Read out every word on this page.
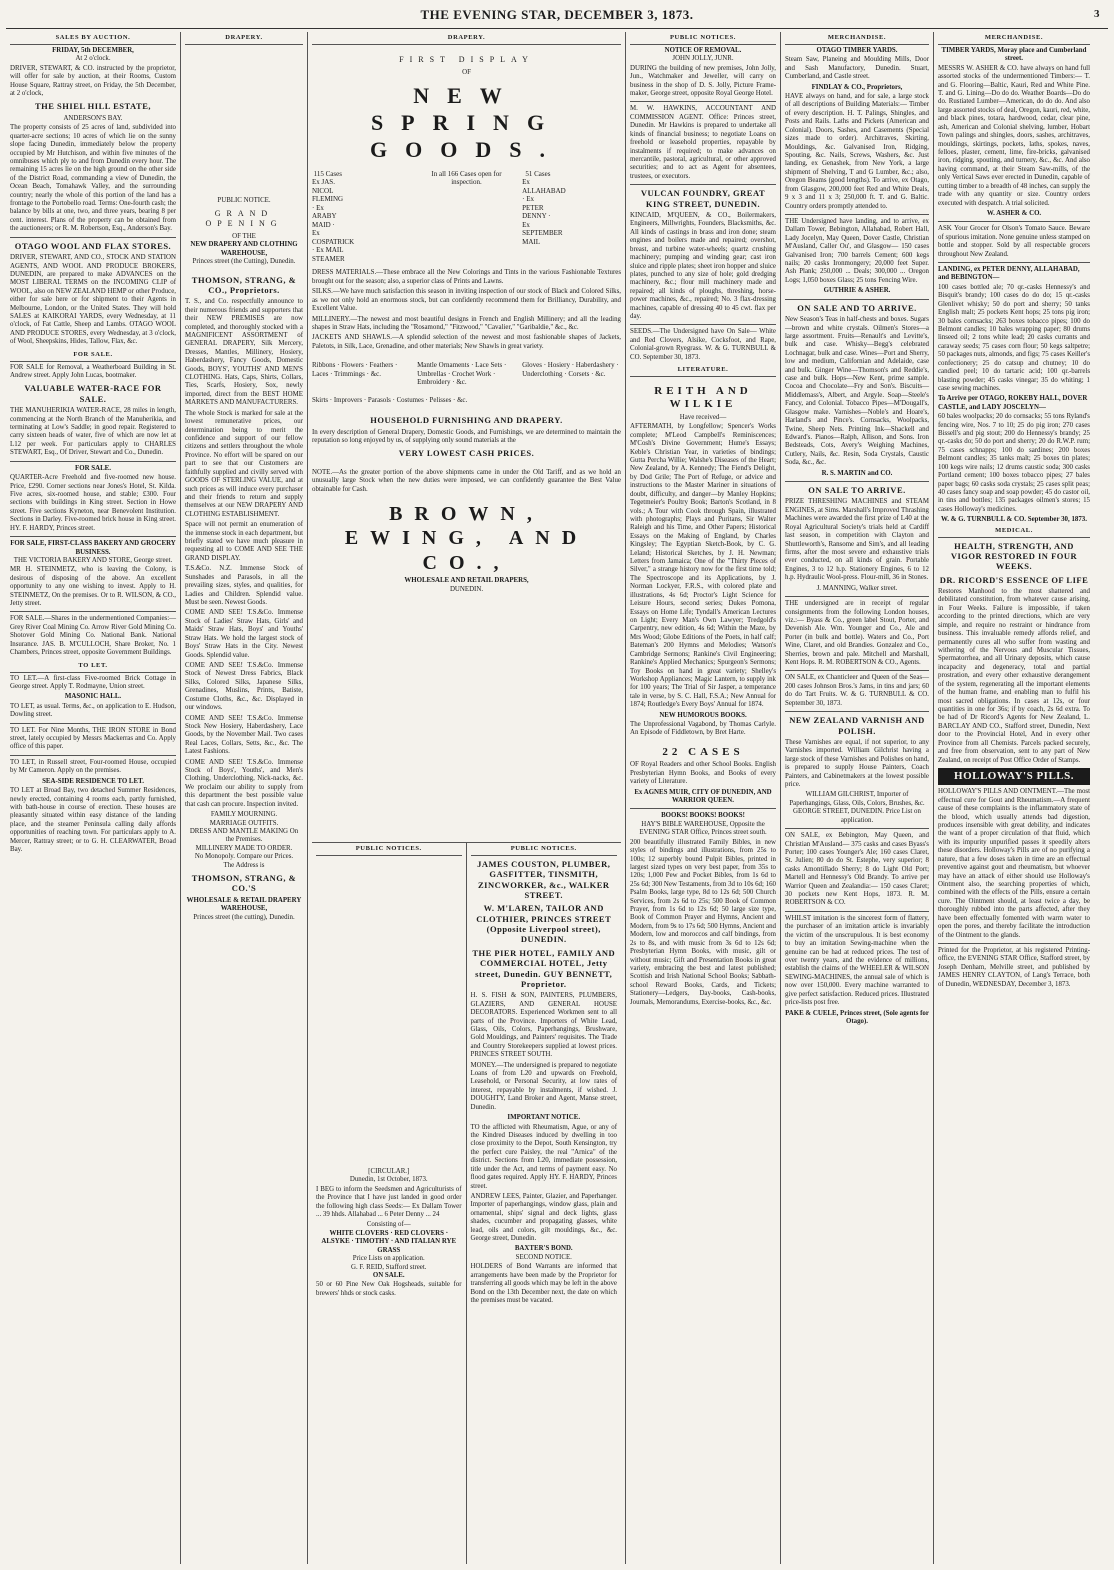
THE EVENING STAR, DECEMBER 3, 1873.	3
SALES BY AUCTION.
FRIDAY, 5th DECEMBER,
At 2 o'clock.

DRIVER, STEWART, & CO. instructed by the proprietor, will offer for sale by auction, at their Rooms, Custom House Square, Rattray street, on Friday, the 5th December, at 2 o'clock,

THE SHIEL HILL ESTATE,
ANDERSON'S BAY.

The property consists of 25 acres of land, subdivided into quarter-acre sections; 10 acres of which lie on the sunny slope facing Dunedin, immediately below the property occupied by Mr Hutchison, and within five minutes of the omnibuses which ply to and from Dunedin every hour. The remaining 15 acres lie on the high ground on the other side of the District Road, commanding a view of Dunedin, the Ocean Beach, Tomahawk Valley, and the surrounding country; nearly the whole of this portion of the land has a frontage to the Portobello road. Terms: One-fourth cash; the balance by bills at one, two, and three years, bearing 8 per cent. interest. Plans of the property can be obtained from the auctioneers; or R. M. Robertson, Esq., Anderson's Bay.

OTAGO WOOL AND FLAX STORES.

DRIVER, STEWART, AND CO., STOCK AND STATION AGENTS, AND WOOL AND PRODUCE BROKERS, DUNEDIN, are prepared to make ADVANCES on the MOST LIBERAL TERMS on the INCOMING CLIP of WOOL, also on NEW ZEALAND HEMP or other Produce, either for sale here or for shipment to their Agents in Melbourne, London, or the United States. They will hold SALES at KAIKORAI YARDS, every Wednesday, at 11 o'clock, of Fat Cattle, Sheep and Lambs. OTAGO WOOL AND PRODUCE STORES, every Wednesday, at 3 o'clock, of Wool, Sheepskins, Hides, Tallow, Flax, &c.

FOR SALE.

FOR SALE for Removal, a Weatherboard Building in St. Andrew street. Apply John Lucas, bootmaker.

VALUABLE WATER-RACE FOR SALE.

THE MANUHERIKIA WATER-RACE, 28 miles in length, commencing at the North Branch of the Manuherikia, and terminating at Low's Saddle; in good repair. Registered to carry sixteen heads of water, five of which are now let at L12 per week. For particulars apply to CHARLES STEWART, Esq., Of Driver, Stewart and Co., Dunedin.

FOR SALE.

QUARTER-Acre Freehold and five-roomed new house. Price, £290. Corner sections near Jones's Hotel, St. Kilda. Five acres, six-roomed house, and stable; £300. Four sections with buildings in King street. Section in Howe street. Five sections Kyneton, near Benevolent Institution. Sections in Darley. Five-roomed brick house in King street. HY. F. HARDY, Princes street.

FOR SALE, FIRST-CLASS BAKERY AND GROCERY BUSINESS.
THE VICTORIA BAKERY AND STORE, George street.

MR H. STEINMETZ, who is leaving the Colony, is desirous of disposing of the above. An excellent opportunity to any one wishing to invest. Apply to H. STEINMETZ, On the premises. Or to R. WILSON, & CO., Jetty street.

FOR SALE.—Shares in the undermentioned Companies:— Grey River Coal Mining Co. Arrow River Gold Mining Co. Shotover Gold Mining Co. National Bank. National Insurance. JAS. B. M'CULLOCH, Share Broker, No. 1 Chambers, Princes street, opposite Government Buildings.

TO LET.

TO LET.—A first-class Five-roomed Brick Cottage in George street. Apply T. Rodmayne, Union street.

MASONIC HALL.

TO LET, as usual. Terms, &c., on application to E. Hudson, Dowling street.

TO LET. For Nine Months, THE IRON STORE in Bond street, lately occupied by Messrs Mackerras and Co. Apply office of this paper.

TO LET, in Russell street, Four-roomed House, occupied by Mr Cameron. Apply on the premises.

SEA-SIDE RESIDENCE TO LET.

TO LET at Broad Bay, two detached Summer Residences, newly erected, containing 4 rooms each, partly furnished, with bath-house in course of erection. These houses are pleasantly situated within easy distance of the landing place, and the steamer Peninsula calling daily affords opportunities of reaching town. For particulars apply to A. Mercer, Rattray street; or to G. H. CLEARWATER, Broad Bay.

DRAPERY.
PUBLIC NOTICE.
GRAND OPENING
OF THE
NEW DRAPERY AND CLOTHING WAREHOUSE,
Princes street (the Cutting), Dunedin.
THOMSON, STRANG, & CO., Proprietors.

T. S., and Co. respectfully announce to their numerous friends and supporters that their NEW PREMISES are now completed, and thoroughly stocked with a MAGNIFICENT ASSORTMENT of GENERAL DRAPERY, Silk Mercery, Dresses, Mantles, Millinery, Hosiery, Haberdashery, Fancy Goods, Domestic Goods, BOYS', YOUTHS' AND MEN'S CLOTHING. Hats, Caps, Shirts, Collars, Ties, Scarfs, Hosiery, Sox, newly imported, direct from the BEST HOME MARKETS AND MANUFACTURERS.

The whole Stock is marked for sale at the lowest remunerative prices, our determination being to merit the confidence and support of our fellow citizens and settlers throughout the whole Province. No effort will be spared on our part to see that our Customers are faithfully supplied and civilly served with GOODS OF STERLING VALUE, and at such prices as will induce every purchaser and their friends to return and supply themselves at our NEW DRAPERY AND CLOTHING ESTABLISHMENT.

Space will not permit an enumeration of the immense stock in each department, but briefly stated we have much pleasure in requesting all to COME AND SEE THE GRAND DISPLAY.

T.S.&Co. N.Z. Immense Stock of Sunshades and Parasols, in all the prevailing sizes, styles, and qualities, for Ladies and Children. Splendid value. Must be seen. Newest Goods.

COME AND SEE! T.S.&Co. Immense Stock of Ladies' Straw Hats, Girls' and Maids' Straw Hats, Boys' and Youths' Straw Hats. We hold the largest stock of Boys' Straw Hats in the City. Newest Goods. Splendid value.

COME AND SEE! T.S.&Co. Immense Stock of Newest Dress Fabrics, Black Silks, Colored Silks, Japanese Silks, Grenadines, Muslins, Prints, Batiste, Costume Cloths, &c., &c. Displayed in our windows.

COME AND SEE! T.S.&Co. Immense Stock New Hosiery, Haberdashery, Lace Goods, by the November Mail. Two cases Real Laces, Collars, Setts, &c., &c. The Latest Fashions.

COME AND SEE! T.S.&Co. Immense Stock of Boys', Youths', and Men's Clothing, Underclothing, Nick-nacks, &c. We proclaim our ability to supply from this department the best possible value that cash can procure. Inspection invited.

FAMILY MOURNING.
MARRIAGE OUTFITS.
DRESS AND MANTLE MAKING On the Premises.
MILLINERY MADE TO ORDER.
No Monopoly. Compare our Prices.
The Address is
THOMSON, STRANG, & CO.'S
WHOLESALE & RETAIL DRAPERY WAREHOUSE,
Princes street (the cutting), Dunedin.
DRAPERY.
FIRST DISPLAY
OF
NEW SPRING GOODS.
115 Cases
Ex JAS. NICOL FLEMING · Ex ARABY MAID · Ex COSPATRICK · Ex MAIL STEAMER
In all 166 Cases open for inspection.
51 Cases
Ex ALLAHABAD · Ex PETER DENNY · Ex SEPTEMBER MAIL

DRESS MATERIALS.—These embrace all the New Colorings and Tints in the various Fashionable Textures brought out for the season; also, a superior class of Prints and Lawns.

SILKS.—We have much satisfaction this season in inviting inspection of our stock of Black and Colored Silks, as we not only hold an enormous stock, but can confidently recommend them for Brilliancy, Durability, and Excellent Value.

MILLINERY.—The newest and most beautiful designs in French and English Millinery; and all the leading shapes in Straw Hats, including the "Rosamond," "Fitzwood," "Cavalier," "Garibaldie," &c., &c.

JACKETS AND SHAWLS.—A splendid selection of the newest and most fashionable shapes of Jackets, Paletots, in Silk, Lace, Grenadine, and other materials; New Shawls in great variety.

Ribbons · Flowers · Feathers · Laces · Trimmings · &c.
Mantle Ornaments · Lace Sets · Umbrellas · Crochet Work · Embroidery · &c.
Gloves · Hosiery · Haberdashery · Underclothing · Corsets · &c.
Skirts · Improvers · Parasols · Costumes · Pelisses · &c.
HOUSEHOLD FURNISHING AND DRAPERY.

In every description of General Drapery, Domestic Goods, and Furnishings, we are determined to maintain the reputation so long enjoyed by us, of supplying only sound materials at the

VERY LOWEST CASH PRICES.

NOTE.—As the greater portion of the above shipments came in under the Old Tariff, and as we hold an unusually large Stock when the new duties were imposed, we can confidently guarantee the Best Value obtainable for Cash.

BROWN, EWING, AND CO.,
WHOLESALE AND RETAIL DRAPERS,
DUNEDIN.
PUBLIC NOTICES.
[CIRCULAR.]
Dunedin, 1st October, 1873.

I BEG to inform the Seedsmen and Agriculturists of the Province that I have just landed in good order the following high class Seeds:— Ex Dallam Tower ... 39 hhds. Allahabad ... 6 Peter Denny ... 24

Consisting of—
WHITE CLOVERS · RED CLOVERS · ALSYKE · TIMOTHY · AND ITALIAN RYE GRASS
Price Lists on application.
G. F. REID, Stafford street.
ON SALE.

50 or 60 Pine New Oak Hogsheads, suitable for brewers' hhds or stock casks.

PUBLIC NOTICES.

JAMES COUSTON, PLUMBER, GASFITTER, TINSMITH, ZINCWORKER, &c., WALKER STREET.

W. M'LAREN, TAILOR AND CLOTHIER, PRINCES STREET (Opposite Liverpool street), DUNEDIN.

THE PIER HOTEL, FAMILY AND COMMERCIAL HOTEL, Jetty street, Dunedin. GUY BENNETT, Proprietor.

H. S. FISH & SON, PAINTERS, PLUMBERS, GLAZIERS, AND GENERAL HOUSE DECORATORS. Experienced Workmen sent to all parts of the Province. Importers of White Lead, Glass, Oils, Colors, Paperhangings, Brushware, Gold Mouldings, and Painters' requisites. The Trade and Country Storekeepers supplied at lowest prices. PRINCES STREET SOUTH.

MONEY.—The undersigned is prepared to negotiate Loans of from L20 and upwards on Freehold, Leasehold, or Personal Security, at low rates of interest, repayable by instalments, if wished. J. DOUGHTY, Land Broker and Agent, Manse street, Dunedin.

IMPORTANT NOTICE.

TO the afflicted with Rheumatism, Ague, or any of the Kindred Diseases induced by dwelling in too close proximity to the Depot, South Kensington, try the perfect cure Paisley, the real "Arnica" of the district. Sections from L20, immediate possession, title under the Act, and terms of payment easy. No flood gates required. Apply HY. F. HARDY, Princes street.

ANDREW LEES, Painter, Glazier, and Paperhanger. Importer of paperhangings, window glass, plain and ornamental, ships' signal and deck lights, glass shades, cucumber and propagating glasses, white lead, oils and colors, gilt mouldings, &c., &c. George street, Dunedin.

BAXTER'S BOND.
SECOND NOTICE.

HOLDERS of Bond Warrants are informed that arrangements have been made by the Proprietor for transferring all goods which may be left in the above Bond on the 13th December next, the date on which the premises must be vacated.

PUBLIC NOTICES.
NOTICE OF REMOVAL.
JOHN JOLLY, JUNR.

DURING the building of new premises, John Jolly, Jun., Watchmaker and Jeweller, will carry on business in the shop of D. S. Jolly, Picture Frame-maker, George street, opposite Royal George Hotel.

M. W. HAWKINS, ACCOUNTANT AND COMMISSION AGENT. Office: Princes street, Dunedin. Mr Hawkins is prepared to undertake all kinds of financial business; to negotiate Loans on freehold or leasehold properties, repayable by instalments if required; to make advances on mercantile, pastoral, agricultural, or other approved securities; and to act as Agent for absentees, trustees, or executors.

VULCAN FOUNDRY, GREAT KING STREET, DUNEDIN.

KINCAID, M'QUEEN, & CO., Boilermakers, Engineers, Millwrights, Founders, Blacksmiths, &c. All kinds of castings in brass and iron done; steam engines and boilers made and repaired; overshot, breast, and turbine water-wheels; quartz crushing machinery; pumping and winding gear; cast iron sluice and ripple plates; sheet iron hopper and sluice plates, punched to any size of hole; gold dredging machinery, &c.; flour mill machinery made and repaired; all kinds of ploughs, threshing, horse-power machines, &c., repaired; No. 3 flax-dressing machines, capable of dressing 40 to 45 cwt. flax per day.

SEEDS.—The Undersigned have On Sale— White and Red Clovers, Alsike, Cocksfoot, and Rape, Colonial-grown Ryegrass. W. & G. TURNBULL & CO. September 30, 1873.

LITERATURE.
REITH AND WILKIE
Have received—

AFTERMATH, by Longfellow; Spencer's Works complete; M'Leod Campbell's Reminiscences; M'Cosh's Divine Government; Hume's Essays; Keble's Christian Year, in varieties of bindings; Gutta Percha Willie; Walshe's Diseases of the Heart; New Zealand, by A. Kennedy; The Fiend's Delight, by Dod Grile; The Port of Refuge, or advice and instructions to the Master Mariner in situations of doubt, difficulty, and danger—by Manley Hopkins; Tegetmeier's Poultry Book; Barton's Scotland, in 8 vols.; A Tour with Cook through Spain, illustrated with photographs; Plays and Puritans, Sir Walter Raleigh and his Time, and Other Papers; Historical Essays on the Making of England, by Charles Kingsley; The Egyptian Sketch-Book, by C. G. Leland; Historical Sketches, by J. H. Newman; Letters from Jamaica; One of the "Thirty Pieces of Silver," a strange history now for the first time told; The Spectroscope and its Applications, by J. Norman Lockyer, F.R.S., with colored plate and illustrations, 4s 6d; Proctor's Light Science for Leisure Hours, second series; Dukes Pomona, Essays on Home Life; Tyndall's American Lectures on Light; Every Man's Own Lawyer; Tredgold's Carpentry, new edition, 4s 6d; Within the Maze, by Mrs Wood; Globe Editions of the Poets, in half calf; Bateman's 200 Hymns and Melodies; Watson's Cambridge Sermons; Rankine's Civil Engineering; Rankine's Applied Mechanics; Spurgeon's Sermons; Toy Books on hand in great variety; Shelley's Workshop Appliances; Magic Lantern, to supply ink for 100 years; The Trial of Sir Jasper, a temperance tale in verse, by S. C. Hall, F.S.A.; New Annual for 1874; Routledge's Every Boys' Annual for 1874.

NEW HUMOROUS BOOKS.

The Unprofessional Vagabond, by Thomas Carlyle. An Episode of Fiddletown, by Bret Harte.

22 CASES

OF Royal Readers and other School Books. English Presbyterian Hymn Books, and Books of every variety of Literature.

Ex AGNES MUIR, CITY OF DUNEDIN, AND WARRIOR QUEEN.
BOOKS! BOOKS! BOOKS!
HAY'S BIBLE WAREHOUSE, Opposite the EVENING STAR Office, Princes street south.

200 beautifully illustrated Family Bibles, in new styles of bindings and illustrations, from 25s to 100s; 12 superbly bound Pulpit Bibles, printed in largest sized types on very best paper, from 35s to 120s; 1,000 Pew and Pocket Bibles, from 1s 6d to 25s 6d; 300 New Testaments, from 3d to 10s 6d; 160 Psalm Books, large type, 8d to 12s 6d; 500 Church Services, from 2s 6d to 25s; 500 Book of Common Prayer, from 1s 6d to 12s 6d; 50 large size type, Book of Common Prayer and Hymns, Ancient and Modern, from 9s to 17s 6d; 500 Hymns, Ancient and Modern, low and moroccos and calf bindings, from 2s to 8s, and with music from 3s 6d to 12s 6d; Presbyterian Hymn Books, with music, gilt or without music; Gift and Presentation Books in great variety, embracing the best and latest published; Scottish and Irish National School Books; Sabbath-school Reward Books, Cards, and Tickets; Stationery—Ledgers, Day-books, Cash-books, Journals, Memorandums, Exercise-books, &c., &c.

MERCHANDISE.
OTAGO TIMBER YARDS.

Steam Saw, Planeing and Moulding Mills, Door and Sash Manufactory, Dunedin. Stuart, Cumberland, and Castle street.

FINDLAY & CO., Proprietors,

HAVE always on hand, and for sale, a large stock of all descriptions of Building Materials:— Timber of every description. H. T. Palings, Shingles, and Posts and Rails. Laths and Pickets (American and Colonial). Doors, Sashes, and Casements (Special sizes made to order). Architraves, Skirting, Mouldings, &c. Galvanised Iron, Ridging, Spouting, &c. Nails, Screws, Washers, &c. Just landing, ex Genashek, from New York, a large shipment of Shelving, T and G Lumber, &c.; also, Oregon Beams (good lengths). To arrive, ex Otago, from Glasgow, 200,000 feet Red and White Deals, 9 x 3 and 11 x 3; 250,000 ft. T. and G. Baltic. Country orders promptly attended to.

THE Undersigned have landing, and to arrive, ex Dallam Tower, Bebington, Allahabad, Robert Hall, Lady Jocelyn, May Queen, Dover Castle, Christian M'Ausland, Caller Ou', and Glasgow— 150 cases Galvanised Iron; 700 barrels Cement; 600 kegs nails; 20 casks Ironmongery; 20,000 feet Super. Ash Plank; 250,000 ... Deals; 300,000 ... Oregon Logs; 1,050 boxes Glass; 25 tons Fencing Wire.

GUTHRIE & ASHER.
ON SALE AND TO ARRIVE.

New Season's Teas in half-chests and boxes. Sugars—brown and white crystals. Oilmen's Stores—a large assortment. Fruits—Renault's and Levitte's, bulk and case. Whisky—Begg's celebrated Lochnagar, bulk and case. Wines—Port and Sherry, low and medium, Californian and Adelaide, case and bulk. Ginger Wine—Thomson's and Reddie's, case and bulk. Hops—New Kent, prime sample. Cocoa and Chocolate—Fry and Son's. Biscuits—Middlemass's, Albert, and Argyle. Soap—Steele's Fancy, and Colonial. Tobacco Pipes—M'Dougall's, Glasgow make. Varnishes—Noble's and Hoare's, Harland's and Pince's. Cornsacks, Woolpacks, Twine, Sheep Nets. Printing Ink—Shackell and Edward's. Pianos—Ralph, Allison, and Sons. Iron Bedsteads, Cots, Avery's Weighing Machines, Cutlery, Nails, &c. Resin, Soda Crystals, Caustic Soda, &c., &c.

R. S. MARTIN and CO.
ON SALE TO ARRIVE.

PRIZE THRESHING MACHINES and STEAM ENGINES, at Sims. Marshall's Improved Thrashing Machines were awarded the first prize of L40 at the Royal Agricultural Society's trials held at Cardiff last season, in competition with Clayton and Shuttleworth's, Ransome and Sim's, and all leading firms, after the most severe and exhaustive trials ever conducted, on all kinds of grain. Portable Engines, 3 to 12 h.p. Stationery Engines, 6 to 12 h.p. Hydraulic Wool-press. Flour-mill, 36 in Stones.

J. MANNING, Walker street.

THE undersigned are in receipt of regular consignments from the following London houses, viz.:— Byass & Co., green label Stout, Porter, and Devenish Ale. Wm. Younger and Co., Ale and Porter (in bulk and bottle). Waters and Co., Port Wine, Claret, and old Brandies. Gonzalez and Co., Sherries, brown and pale. Mitchell and Marshall, Kent Hops. R. M. ROBERTSON & CO., Agents.

ON SALE, ex Chanticleer and Queen of the Seas— 200 cases Johnson Bros.'s Jams, in tins and jars; 60 do do Tart Fruits. W. & G. TURNBULL & CO. September 30, 1873.

NEW ZEALAND VARNISH AND POLISH.

These Varnishes are equal, if not superior, to any Varnishes imported. William Gilchrist having a large stock of these Varnishes and Polishes on hand, is prepared to supply House Painters, Coach Painters, and Cabinetmakers at the lowest possible price.

WILLIAM GILCHRIST, Importer of Paperhangings, Glass, Oils, Colors, Brushes, &c. GEORGE STREET, DUNEDIN. Price List on application.

ON SALE, ex Bebington, May Queen, and Christian M'Ausland— 375 casks and cases Byass's Porter; 100 cases Younger's Ale; 160 cases Claret, St. Julien; 80 do do St. Estephe, very superior; 8 casks Amontillado Sherry; 8 do Light Old Port; Martell and Hennessy's Old Brandy. To arrive per Warrior Queen and Zealandia:— 150 cases Claret; 30 pockets new Kent Hops, 1873. R. M. ROBERTSON & CO.

WHILST imitation is the sincerest form of flattery, the purchaser of an imitation article is invariably the victim of the unscrupulous. It is best economy to buy an imitation Sewing-machine when the genuine can be had at reduced prices. The test of over twenty years, and the evidence of millions, establish the claims of the WHEELER & WILSON SEWING-MACHINES, the annual sale of which is now over 150,000. Every machine warranted to give perfect satisfaction. Reduced prices. Illustrated price-lists post free.

PAKE & CUELE, Princes street, (Sole agents for Otago).
MERCHANDISE.
TIMBER YARDS, Moray place and Cumberland street.

MESSRS W. ASHER & CO. have always on hand full assorted stocks of the undermentioned Timbers:— T. and G. Flooring—Baltic, Kauri, Red and White Pine. T. and G. Lining—Do do do. Weather Boards—Do do do. Rustiated Lumber—American, do do do. And also large assorted stocks of deal, Oregon, kauri, red, white, and black pines, totara, hardwood, cedar, clear pine, ash, American and Colonial shelving, lumber, Hobart Town palings and shingles, doors, sashes, architraves, mouldings, skirtings, pockets, laths, spokes, naves, felloes, plaster, cement, lime, fire-bricks, galvanised iron, ridging, spouting, and turnery, &c., &c. And also having command, at their Steam Saw-mills, of the only Vertical Saws ever erected in Dunedin, capable of cutting timber to a breadth of 48 inches, can supply the trade with any quantity or size. Country orders executed with despatch. A trial solicited.

W. ASHER & CO.

ASK Your Grocer for Olson's Tomato Sauce. Beware of spurious imitation. None genuine unless stamped on bottle and stopper. Sold by all respectable grocers throughout New Zealand.

LANDING, ex PETER DENNY, ALLAHABAD, and BEBINGTON—

100 cases bottled ale; 70 qr.-casks Hennessy's and Bisquit's brandy; 100 cases do do do; 15 qr.-casks Glenlivet whisky; 50 do port and sherry; 50 tanks English malt; 25 pockets Kent hops; 25 tons pig iron; 30 bales cornsacks; 263 boxes tobacco pipes; 100 do Belmont candles; 10 bales wrapping paper; 80 drums linseed oil; 2 tons white lead; 20 casks currants and caraway seeds; 75 cases corn flour; 50 kegs saltpetre; 50 packages nuts, almonds, and figs; 75 cases Keiller's confectionery; 25 do catsup and chutney; 10 do candied peel; 10 do tartaric acid; 100 qr.-barrels blasting powder; 45 casks vinegar; 35 do whiting; 1 case sewing machines.

To Arrive per OTAGO, ROKEBY HALL, DOVER CASTLE, and LADY JOSCELYN—

60 bales woolpacks; 20 do cornsacks; 55 tons Ryland's fencing wire, Nos. 7 to 10; 25 do pig iron; 270 cases Bissell's and pig stout; 200 do Hennessy's brandy; 25 qr.-casks do; 50 do port and sherry; 20 do R.W.P. rum; 75 cases schnapps; 100 do sardines; 200 boxes Belmont candles; 35 tanks malt; 25 boxes tin plates; 100 kegs wire nails; 12 drums caustic soda; 300 casks Portland cement; 100 boxes tobacco pipes; 27 bales paper bags; 60 casks soda crystals; 25 cases split peas; 40 cases fancy soap and soap powder; 45 do castor oil, in tins and bottles; 135 packages oilmen's stores; 15 cases Holloway's medicines.

W. & G. TURNBULL & CO. September 30, 1873.
MEDICAL.
HEALTH, STRENGTH, AND VIGOR RESTORED IN FOUR WEEKS.
DR. RICORD'S ESSENCE OF LIFE

Restores Manhood to the most shattered and debilitated constitution, from whatever cause arising, in Four Weeks. Failure is impossible, if taken according to the printed directions, which are very simple, and require no restraint or hindrance from business. This invaluable remedy affords relief, and permanently cures all who suffer from wasting and withering of the Nervous and Muscular Tissues, Spermatorrhea, and all Urinary deposits, which cause incapacity and degeneracy, total and partial prostration, and every other exhaustive derangement of the system, regenerating all the important elements of the human frame, and enabling man to fulfil his most sacred obligations. In cases at 12s, or four quantities in one for 36s; if by coach, 2s 6d extra. To be had of Dr Ricord's Agents for New Zealand, L. BARCLAY AND CO., Stafford street, Dunedin, Next door to the Provincial Hotel, And in every other Province from all Chemists. Parcels packed securely, and free from observation, sent to any part of New Zealand, on receipt of Post Office Order of Stamps.

HOLLOWAY'S PILLS.

HOLLOWAY'S PILLS AND OINTMENT.—The most effectual cure for Gout and Rheumatism.—A frequent cause of these complaints is the inflammatory state of the blood, which usually attends bad digestion, produces insensible with great debility, and indicates the want of a proper circulation of that fluid, which with its impurity unpurified passes it speedily alters these disorders. Holloway's Pills are of no purifying a nature, that a few doses taken in time are an effectual preventive against gout and rheumatism, but whoever may have an attack of either should use Holloway's Ointment also, the searching properties of which, combined with the effects of the Pills, ensure a certain cure. The Ointment should, at least twice a day, be thoroughly rubbed into the parts affected, after they have been effectually fomented with warm water to open the pores, and thereby facilitate the introduction of the Ointment to the glands.

Printed for the Proprietor, at his registered Printing-office, the EVENING STAR Office, Stafford street, by Joseph Denham, Melville street, and published by JAMES HENRY CLAYTON, of Lang's Terrace, both of Dunedin, WEDNESDAY, December 3, 1873.
